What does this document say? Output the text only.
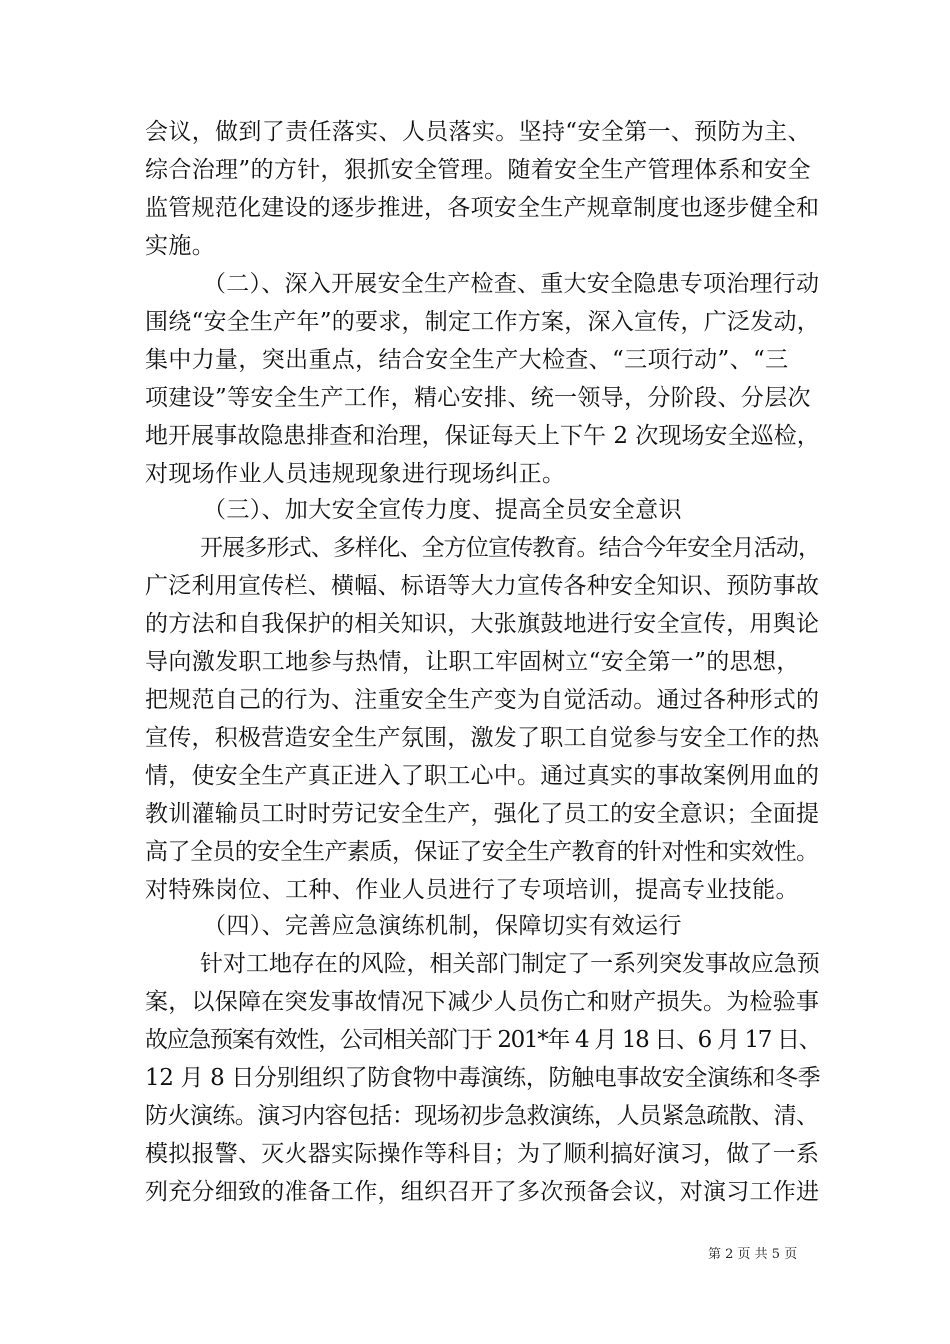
会议，做到了责任落实、人员落实。坚持“安全第一、预防为主、
综合治理”的方针，狠抓安全管理。随着安全生产管理体系和安全
监管规范化建设的逐步推进，各项安全生产规章制度也逐步健全和
实施。
（二）、深入开展安全生产检查、重大安全隐患专项治理行动
围绕“安全生产年”的要求，制定工作方案，深入宣传，广泛发动，
集中力量，突出重点，结合安全生产大检查、“三项行动”、“三
项建设”等安全生产工作，精心安排、统一领导，分阶段、分层次
地开展事故隐患排查和治理，保证每天上下午 2 次现场安全巡检，
对现场作业人员违规现象进行现场纠正。
（三）、加大安全宣传力度、提高全员安全意识
开展多形式、多样化、全方位宣传教育。结合今年安全月活动，
广泛利用宣传栏、横幅、标语等大力宣传各种安全知识、预防事故
的方法和自我保护的相关知识，大张旗鼓地进行安全宣传，用舆论
导向激发职工地参与热情，让职工牢固树立“安全第一”的思想，
把规范自己的行为、注重安全生产变为自觉活动。通过各种形式的
宣传，积极营造安全生产氛围，激发了职工自觉参与安全工作的热
情，使安全生产真正进入了职工心中。通过真实的事故案例用血的
教训灌输员工时时劳记安全生产，强化了员工的安全意识；全面提
高了全员的安全生产素质，保证了安全生产教育的针对性和实效性。
对特殊岗位、工种、作业人员进行了专项培训，提高专业技能。
（四）、完善应急演练机制，保障切实有效运行
针对工地存在的风险，相关部门制定了一系列突发事故应急预
案，以保障在突发事故情况下减少人员伤亡和财产损失。为检验事
故应急预案有效性，公司相关部门于 201*年 4 月 18 日、6 月 17 日、
12 月 8 日分别组织了防食物中毒演练，防触电事故安全演练和冬季
防火演练。演习内容包括：现场初步急救演练，人员紧急疏散、清、
模拟报警、灭火器实际操作等科目；为了顺利搞好演习，做了一系
列充分细致的准备工作，组织召开了多次预备会议，对演习工作进
第 2 页 共 5 页
